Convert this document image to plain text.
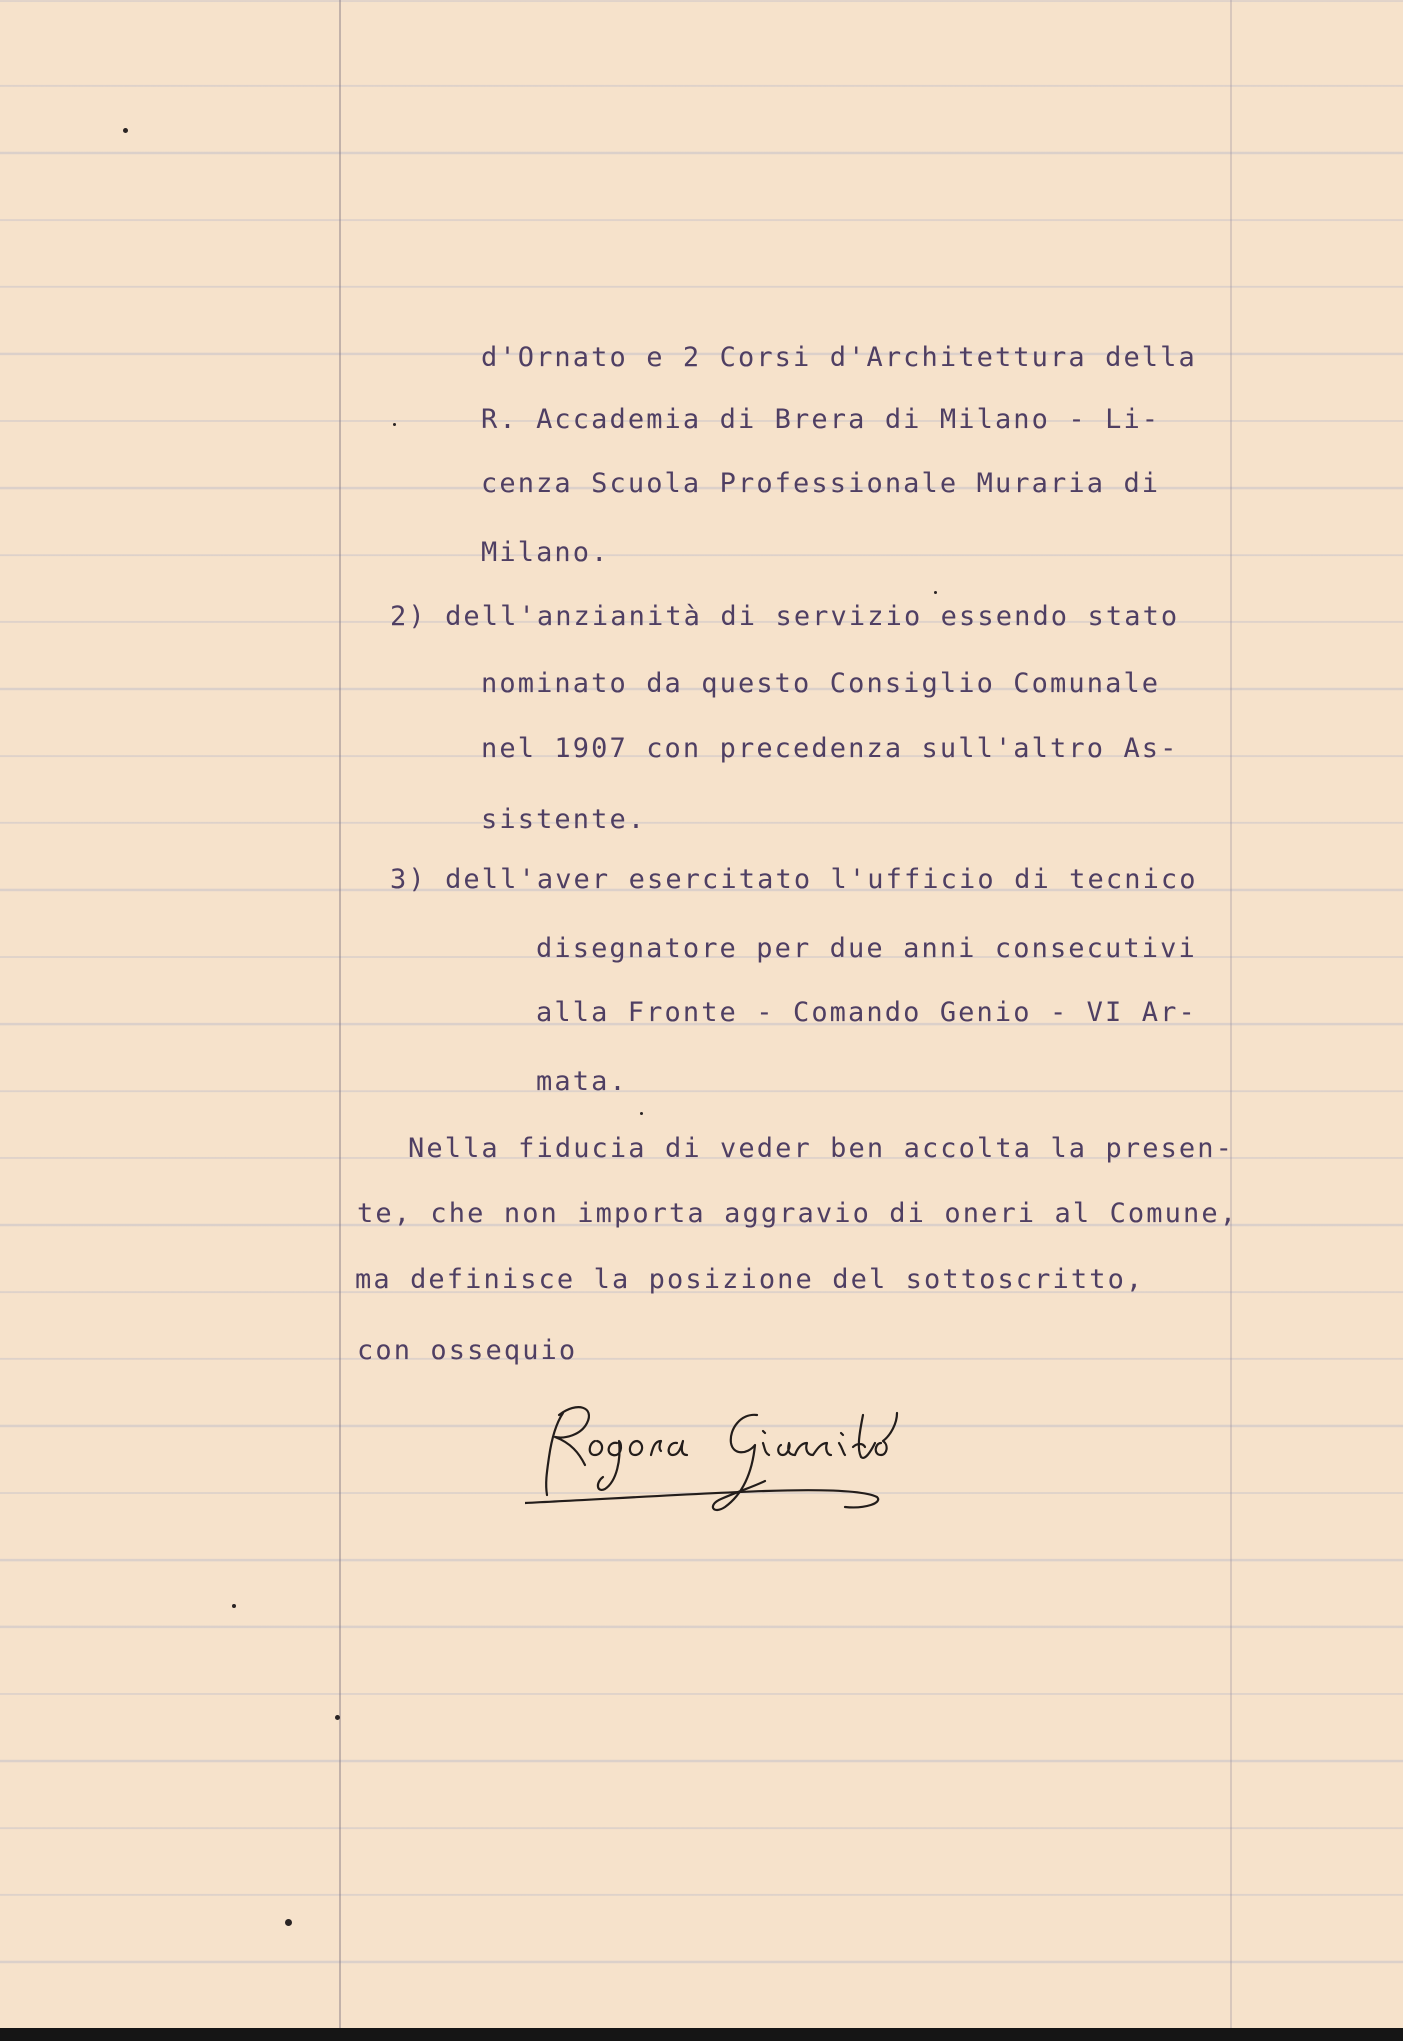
d'Ornato e 2 Corsi d'Architettura della

R. Accademia di Brera di Milano - Li-

cenza Scuola Professionale Muraria di

Milano.

2) dell'anzianità di servizio essendo stato

nominato da questo Consiglio Comunale

nel 1907 con precedenza sull'altro As-

sistente.

3) dell'aver esercitato l'ufficio di tecnico

disegnatore per due anni consecutivi

alla Fronte - Comando Genio - VI Ar-

mata.

Nella fiducia di veder ben accolta la presen-

te, che non importa aggravio di oneri al Comune,

ma definisce la posizione del sottoscritto,

con ossequio
